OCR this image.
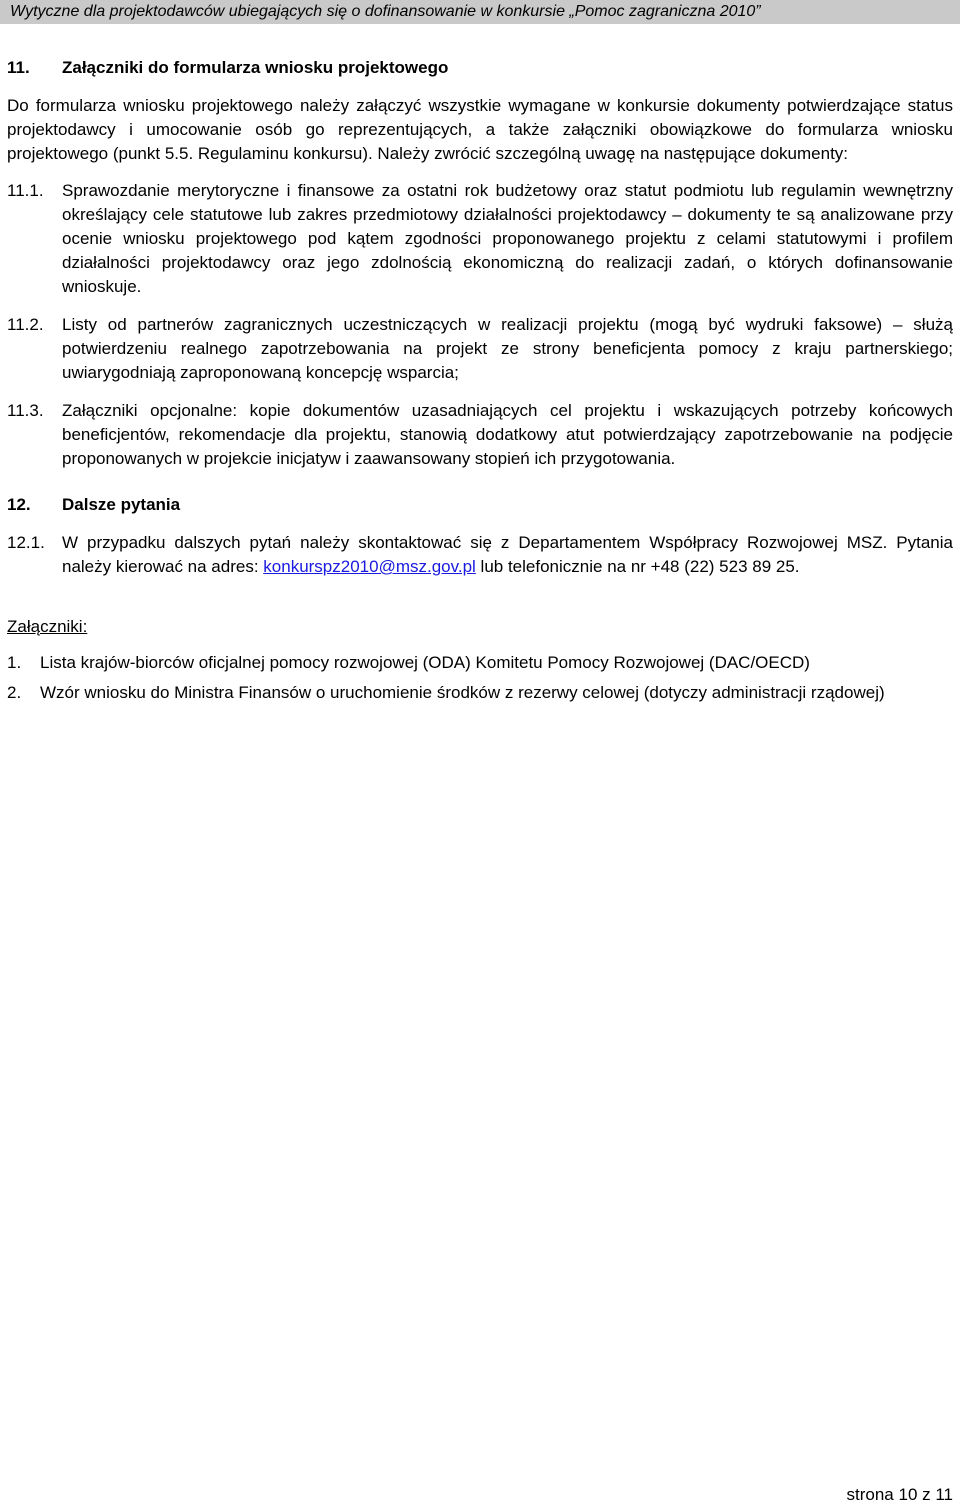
Wytyczne dla projektodawców ubiegających się o dofinansowanie w konkursie „Pomoc zagraniczna 2010”
11.	Załączniki do formularza wniosku projektowego

Do formularza wniosku projektowego należy załączyć wszystkie wymagane w konkursie dokumenty potwierdzające status projektodawcy i umocowanie osób go reprezentujących, a także załączniki obowiązkowe do formularza wniosku projektowego (punkt 5.5. Regulaminu konkursu). Należy zwrócić szczególną uwagę na następujące dokumenty:

11.1.	Sprawozdanie merytoryczne i finansowe za ostatni rok budżetowy oraz statut podmiotu lub regulamin wewnętrzny określający cele statutowe lub zakres przedmiotowy działalności projektodawcy – dokumenty te są analizowane przy ocenie wniosku projektowego pod kątem zgodności proponowanego projektu z celami statutowymi i profilem działalności projektodawcy oraz jego zdolnością ekonomiczną do realizacji zadań, o których dofinansowanie wnioskuje.
11.2.	Listy od partnerów zagranicznych uczestniczących w realizacji projektu (mogą być wydruki faksowe) – służą potwierdzeniu realnego zapotrzebowania na projekt ze strony beneficjenta pomocy z kraju partnerskiego; uwiarygodniają zaproponowaną koncepcję wsparcia;
11.3.	Załączniki opcjonalne: kopie dokumentów uzasadniających cel projektu i wskazujących potrzeby końcowych beneficjentów, rekomendacje dla projektu, stanowią dodatkowy atut potwierdzający zapotrzebowanie na podjęcie proponowanych w projekcie inicjatyw i zaawansowany stopień ich przygotowania.
12.	Dalsze pytania
12.1.	W przypadku dalszych pytań należy skontaktować się z Departamentem Współpracy Rozwojowej MSZ. Pytania należy kierować na adres: konkurspz2010@msz.gov.pl lub telefonicznie na nr +48 (22) 523 89 25.
Załączniki:
1.	Lista krajów-biorców oficjalnej pomocy rozwojowej (ODA) Komitetu Pomocy Rozwojowej (DAC/OECD)
2.	Wzór wniosku do Ministra Finansów o uruchomienie środków z rezerwy celowej (dotyczy administracji rządowej)
strona 10 z 11
